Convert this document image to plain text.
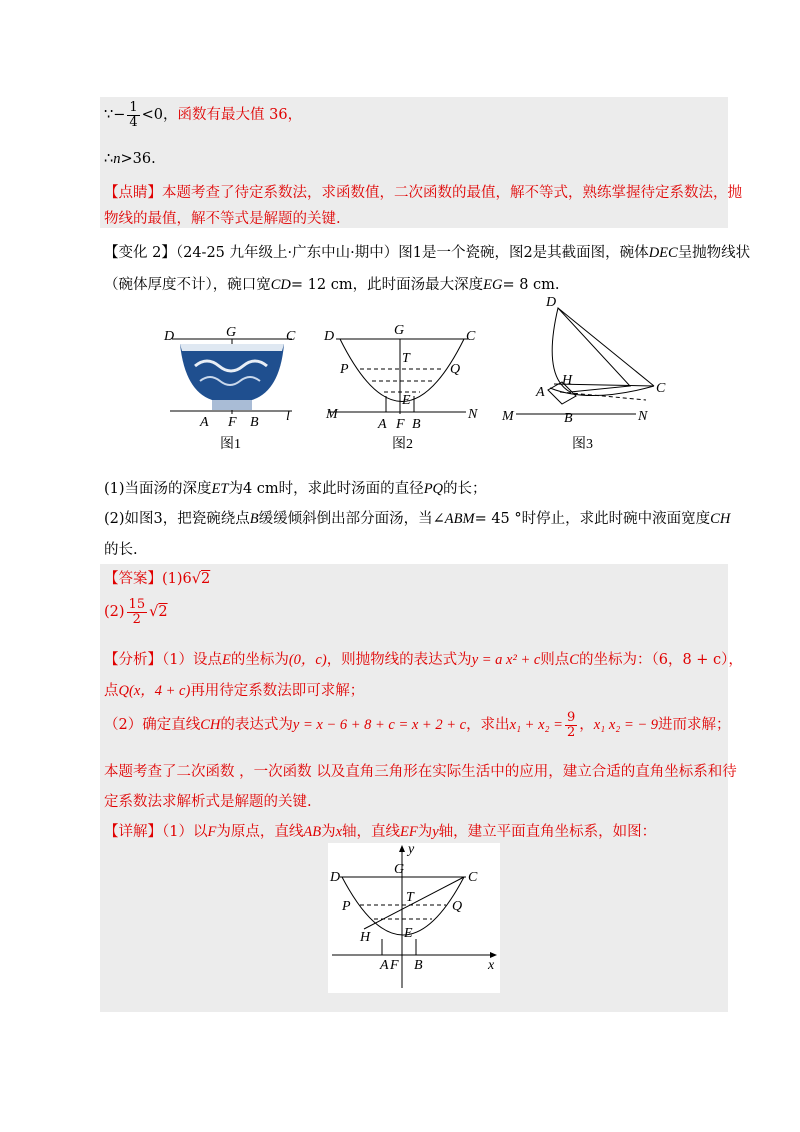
∵− $\frac{1}{4} <0$，函数有最大值 36，
∴n>36.
【点睛】本题考查了待定系数法，求函数值，二次函数的最值，解不等式，熟练掌握待定系数法，抛
物线的最值，解不等式是解题的关键.
【变化 2】（24-25 九年级上·广东中山·期中）图1是一个瓷碗，图2是其截面图，碗体DEC呈抛物线状
（碗体厚度不计），碗口宽CD= 12 cm，此时面汤最大深度EG= 8 cm.
D	G	C
A F B l
图1
D	G	C
T
P	Q
E
M	N
A F B
图2
D
H
C
A
B
M	N
图3
(1)当面汤的深度ET为4 cm时，求此时汤面的直径PQ的长；
(2)如图3，把瓷碗绕点B缓缓倾斜倒出部分面汤，当∠ABM= 45 °时停止，求此时碗中液面宽度CH
的长.
【答案】(1)6√2
$(2) \frac{15}{2} √2$
【分析】（1）设点E的坐标为(0，c)，则抛物线的表达式为y = a x² + c则点C的坐标为：（6，8 + c），
点Q(x，4 + c)再用待定系数法即可求解；
（2）确定直线CH的表达式为y = x − 6 + 8 + c = x + 2 + c，求出$x_1 + x_2 = \frac{9}{2}$ ，x₁ x₂ = − 9进而求解；
本题考查了二次函数 ，一次函数 以及直角三角形在实际生活中的应用，建立合适的直角坐标系和待
定系数法求解析式是解题的关键.
【详解】（1）以F为原点，直线AB为x轴，直线EF为y轴，建立平面直角坐标系，如图：
y
D
G
C
T
P	Q
H E
A F B	x
